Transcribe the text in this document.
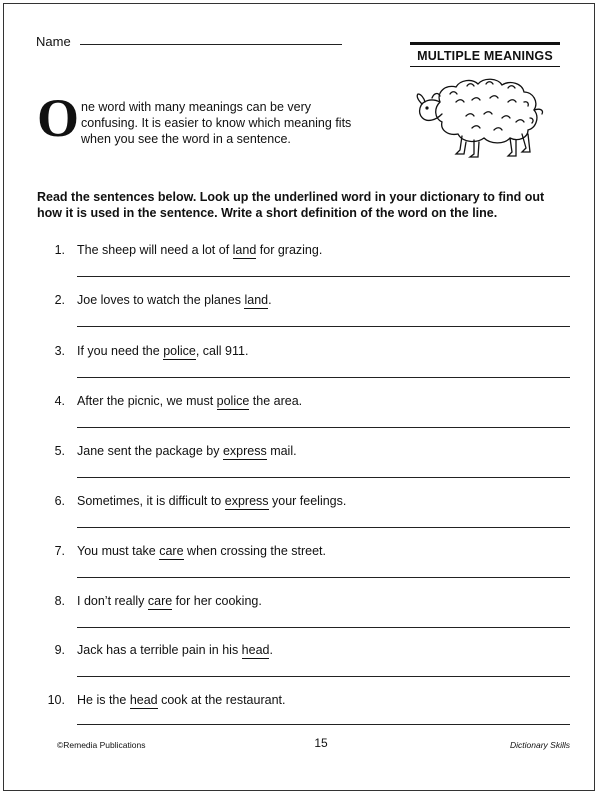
Name
MULTIPLE MEANINGS
O ne word with many meanings can be very confusing. It is easier to know which meaning fits when you see the word in a sentence.
Read the sentences below. Look up the underlined word in your dictionary to find out how it is used in the sentence. Write a short definition of the word on the line.
1. The sheep will need a lot of land for grazing.
2. Joe loves to watch the planes land.
3. If you need the police, call 911.
4. After the picnic, we must police the area.
5. Jane sent the package by express mail.
6. Sometimes, it is difficult to express your feelings.
7. You must take care when crossing the street.
8. I don’t really care for her cooking.
9. Jack has a terrible pain in his head.
10. He is the head cook at the restaurant.
©Remedia Publications	15	Dictionary Skills
